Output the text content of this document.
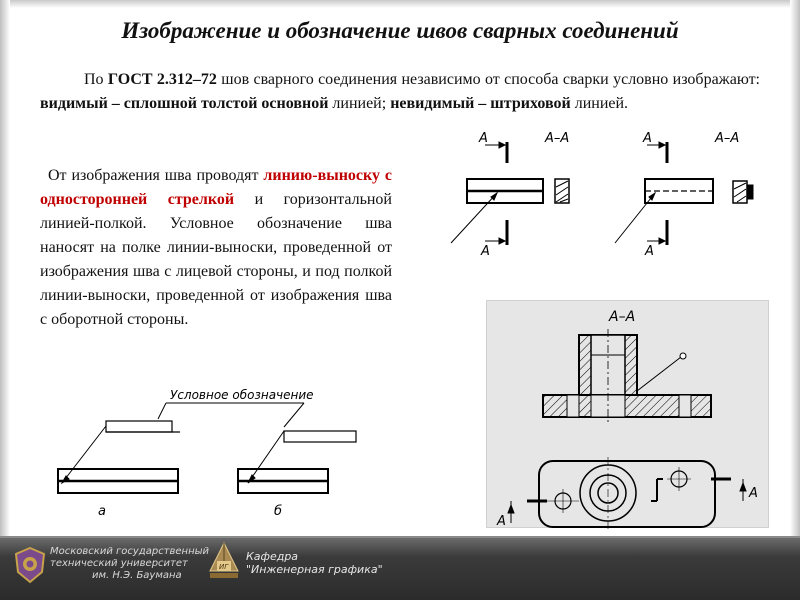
Изображение и обозначение швов сварных соединений

По ГОСТ 2.312–72 шов сварного соединения независимо от способа сварки условно изображают: видимый – сплошной толстой основной линией; невидимый – штриховой линией.

От изображения шва проводят линию-выноску с односторонней стрелкой и горизонтальной линией-полкой. Условное обозначение шва наносят на полке линии-выноски, проведенной от изображения шва с лицевой стороны, и под полкой линии-выноски, проведенной от изображения шва с оборотной стороны.

A	A–A
A
A	A–A
A
Условное обозначение
а	б
А–А
А
А
Московский государственный
технический университет
им. Н.Э. Баумана
ИГ
Кафедра
"Инженерная графика"
